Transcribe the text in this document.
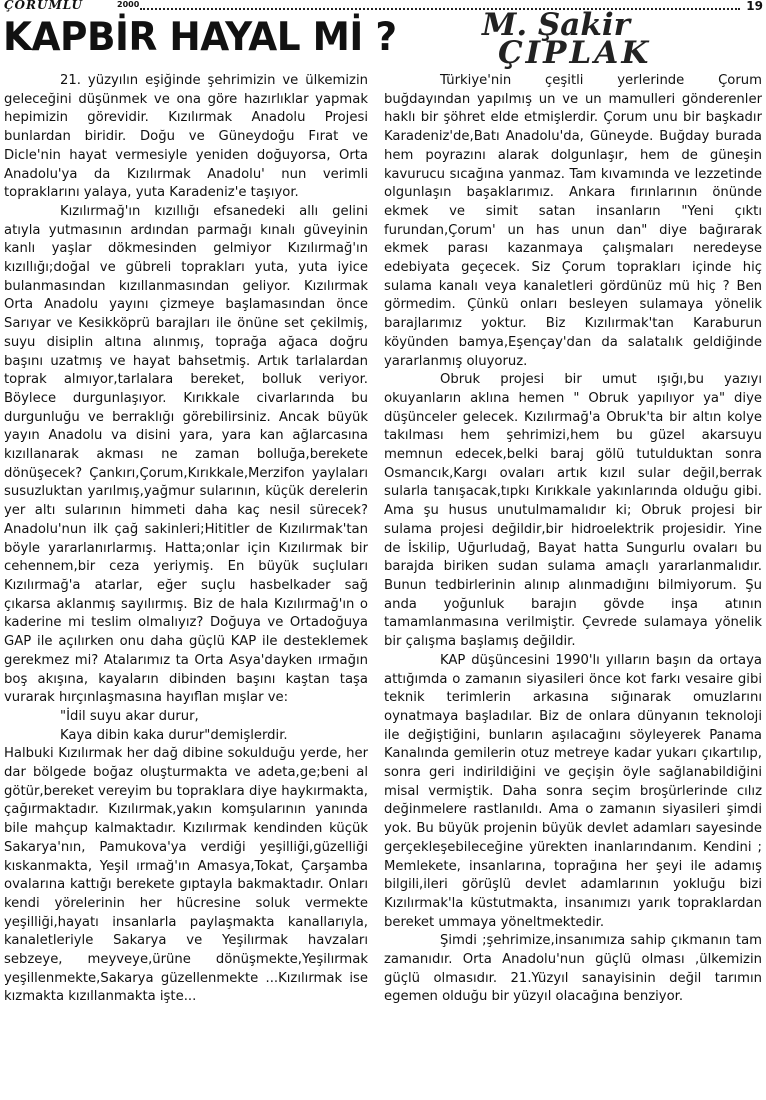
ÇORUMLU	2000	19
KAPBİR HAYAL Mİ ?	M. Şakir
ÇIPLAK

21. yüzyılın eşiğinde şehrimizin ve ülkemizin geleceğini düşünmek ve ona göre hazırlıklar yapmak hepimizin görevidir. Kızılırmak Anadolu Projesi bunlardan biridir. Doğu ve Güneydoğu Fırat ve Dicle'nin hayat vermesiyle yeniden doğuyorsa, Orta Anadolu'ya da Kızılırmak Anadolu' nun verimli topraklarını yalaya, yuta Karadeniz'e taşıyor.

Kızılırmağ'ın kızıllığı efsanedeki allı gelini atıyla yutmasının ardından parmağı kınalı güveyinin kanlı yaşlar dökmesinden gelmiyor Kızılırmağ'ın kızıllığı;doğal ve gübreli toprakları yuta, yuta iyice bulanmasından kızıllanmasından geliyor. Kızılırmak Orta Anadolu yayını çizmeye başlamasından önce Sarıyar ve Kesikköprü barajları ile önüne set çekilmiş, suyu disiplin altına alınmış, toprağa ağaca doğru başını uzatmış ve hayat bahsetmiş. Artık tarlalardan toprak almıyor,tarlalara bereket, bolluk veriyor. Böylece durgunlaşıyor. Kırıkkale civarlarında bu durgunluğu ve berraklığı görebilirsiniz. Ancak büyük yayın Anadolu va disini yara, yara kan ağlarcasına kızıllanarak akması ne zaman bolluğa,berekete dönüşecek? Çankırı,Çorum,Kırıkkale,Merzifon yaylaları susuzluktan yarılmış,yağmur sularının, küçük derelerin yer altı sularının himmeti daha kaç nesil sürecek? Anadolu'nun ilk çağ sakinleri;Hititler de Kızılırmak'tan böyle yararlanırlarmış. Hatta;onlar için Kızılırmak bir cehennem,bir ceza yeriymiş. En büyük suçluları Kızılırmağ'a atarlar, eğer suçlu hasbelkader sağ çıkarsa aklanmış sayılırmış. Biz de hala Kızılırmağ'ın o kaderine mi teslim olmalıyız? Doğuya ve Ortadoğuya GAP ile açılırken onu daha güçlü KAP ile desteklemek gerekmez mi? Atalarımız ta Orta Asya'dayken ırmağın boş akışına, kayaların dibinden başını kaştan taşa vurarak hırçınlaşmasına hayıflan mışlar ve:

"İdil suyu akar durur,

Kaya dibin kaka durur"demişlerdir.

Halbuki Kızılırmak her dağ dibine sokulduğu yerde, her dar bölgede boğaz oluşturmakta ve adeta,ge;beni al götür,bereket vereyim bu topraklara diye haykırmakta, çağırmaktadır. Kızılırmak,yakın komşularının yanında bile mahçup kalmaktadır. Kızılırmak kendinden küçük Sakarya'nın, Pamukova'ya verdiği yeşilliği,güzelliği kıskanmakta, Yeşil ırmağ'ın Amasya,Tokat, Çarşamba ovalarına kattığı berekete gıptayla bakmaktadır. Onları kendi yörelerinin her hücresine soluk vermekte yeşilliği,hayatı insanlarla paylaşmakta kanallarıyla, kanaletleriyle Sakarya ve Yeşilırmak havzaları sebzeye, meyveye,ürüne dönüşmekte,Yeşilırmak yeşillenmekte,Sakarya güzellenmekte ...Kızılırmak ise kızmakta kızıllanmakta işte...

Türkiye'nin çeşitli yerlerinde Çorum buğdayından yapılmış un ve un mamulleri gönderenler haklı bir şöhret elde etmişlerdir. Çorum unu bir başkadır Karadeniz'de,Batı Anadolu'da, Güneyde. Buğday burada hem poyrazını alarak dolgunlaşır, hem de güneşin kavurucu sıcağına yanmaz. Tam kıvamında ve lezzetinde olgunlaşın başaklarımız. Ankara fırınlarının önünde ekmek ve simit satan insanların "Yeni çıktı furundan,Çorum' un has unun dan" diye bağırarak ekmek parası kazanmaya çalışmaları neredeyse edebiyata geçecek. Siz Çorum toprakları içinde hiç sulama kanalı veya kanaletleri gördünüz mü hiç ? Ben görmedim. Çünkü onları besleyen sulamaya yönelik barajlarımız yoktur. Biz Kızılırmak'tan Karaburun köyünden bamya,Eşençay'dan da salatalık geldiğinde yararlanmış oluyoruz.

Obruk projesi bir umut ışığı,bu yazıyı okuyanların aklına hemen " Obruk yapılıyor ya" diye düşünceler gelecek. Kızılırmağ'a Obruk'ta bir altın kolye takılması hem şehrimizi,hem bu güzel akarsuyu memnun edecek,belki baraj gölü tutulduktan sonra Osmancık,Kargı ovaları artık kızıl sular değil,berrak sularla tanışacak,tıpkı Kırıkkale yakınlarında olduğu gibi. Ama şu husus unutulmamalıdır ki; Obruk projesi bir sulama projesi değildir,bir hidroelektrik projesidir. Yine de İskilip, Uğurludağ, Bayat hatta Sungurlu ovaları bu barajda biriken sudan sulama amaçlı yararlanmalıdır. Bunun tedbirlerinin alınıp alınmadığını bilmiyorum. Şu anda yoğunluk barajın gövde inşa atının tamamlanmasına verilmiştir. Çevrede sulamaya yönelik bir çalışma başlamış değildir.

KAP düşüncesini 1990'lı yılların başın da ortaya attığımda o zamanın siyasileri önce kot farkı vesaire gibi teknik terimlerin arkasına sığınarak omuzlarını oynatmaya başladılar. Biz de onlara dünyanın teknoloji ile değiştiğini, bunların aşılacağını söyleyerek Panama Kanalında gemilerin otuz metreye kadar yukarı çıkartılıp, sonra geri indirildiğini ve geçişin öyle sağlanabildiğini misal vermiştik. Daha sonra seçim broşürlerinde cılız değinmelere rastlanıldı. Ama o zamanın siyasileri şimdi yok. Bu büyük projenin büyük devlet adamları sayesinde gerçekleşebileceğine yürekten inanlarındanım. Kendini ; Memlekete, insanlarına, toprağına her şeyi ile adamış bilgili,ileri görüşlü devlet adamlarının yokluğu bizi Kızılırmak'la küstutmakta, insanımızı yarık topraklardan bereket ummaya yöneltmektedir.

Şimdi ;şehrimize,insanımıza sahip çıkmanın tam zamanıdır. Orta Anadolu'nun güçlü olması ,ülkemizin güçlü olmasıdır. 21.Yüzyıl sanayisinin değil tarımın egemen olduğu bir yüzyıl olacağına benziyor.
